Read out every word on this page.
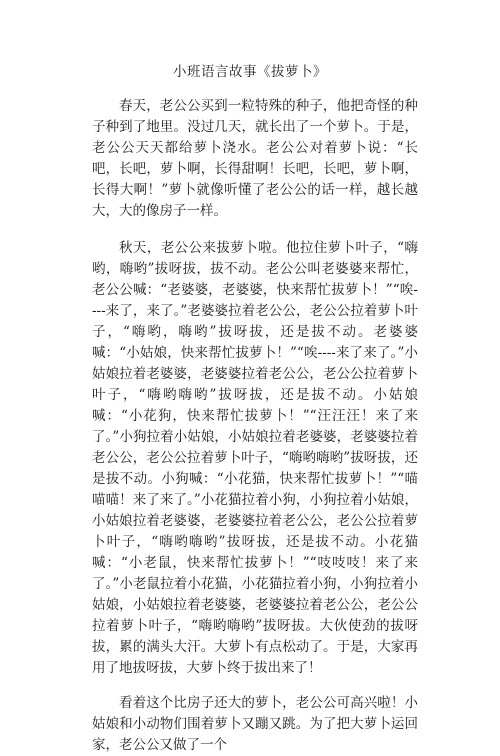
小班语言故事《拔萝卜》

春天，老公公买到一粒特殊的种子，他把奇怪的种子种到了地里。没过几天，就长出了一个萝卜。于是，老公公天天都给萝卜浇水。老公公对着萝卜说：“长吧，长吧，萝卜啊，长得甜啊！长吧，长吧，萝卜啊，长得大啊！”萝卜就像听懂了老公公的话一样，越长越大，大的像房子一样。

秋天，老公公来拔萝卜啦。他拉住萝卜叶子，“嗨哟，嗨哟”拔呀拔，拔不动。老公公叫老婆婆来帮忙，老公公喊：“老婆婆，老婆婆，快来帮忙拔萝卜！”“唉----来了，来了。”老婆婆拉着老公公，老公公拉着萝卜叶子，“嗨哟，嗨哟”拔呀拔，还是拔不动。老婆婆喊：“小姑娘，快来帮忙拔萝卜！”“唉----来了来了。”小姑娘拉着老婆婆，老婆婆拉着老公公，老公公拉着萝卜叶子，“嗨哟嗨哟”拔呀拔，还是拔不动。小姑娘喊：“小花狗，快来帮忙拔萝卜！”“汪汪汪！来了来了。”小狗拉着小姑娘，小姑娘拉着老婆婆，老婆婆拉着老公公，老公公拉着萝卜叶子，“嗨哟嗨哟”拔呀拔，还是拔不动。小狗喊：“小花猫，快来帮忙拔萝卜！”“喵喵喵！来了来了。”小花猫拉着小狗，小狗拉着小姑娘，小姑娘拉着老婆婆，老婆婆拉着老公公，老公公拉着萝卜叶子，“嗨哟嗨哟”拔呀拔，还是拔不动。小花猫喊：“小老鼠，快来帮忙拔萝卜！”“吱吱吱！来了来了。”小老鼠拉着小花猫，小花猫拉着小狗，小狗拉着小姑娘，小姑娘拉着老婆婆，老婆婆拉着老公公，老公公拉着萝卜叶子，“嗨哟嗨哟”拔呀拔。大伙使劲的拔呀拔，累的满头大汗。大萝卜有点松动了。于是，大家再用了地拔呀拔，大萝卜终于拔出来了！

看着这个比房子还大的萝卜，老公公可高兴啦！小姑娘和小动物们围着萝卜又蹦又跳。为了把大萝卜运回家，老公公又做了一个
